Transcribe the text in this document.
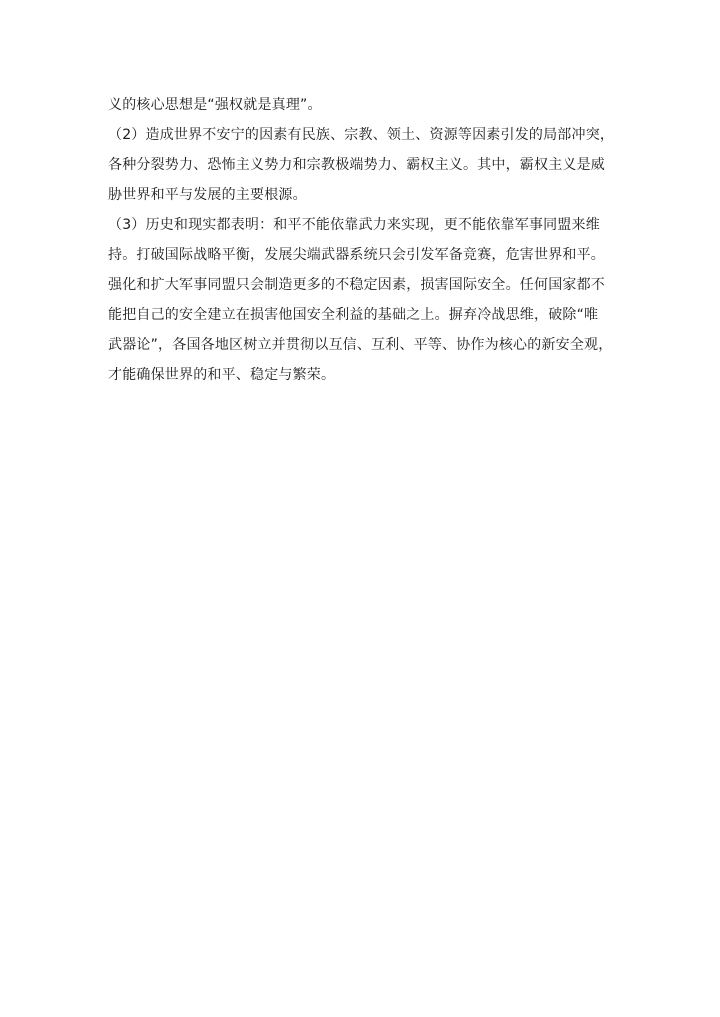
义的核心思想是“强权就是真理”。
（2）造成世界不安宁的因素有民族、宗教、领土、资源等因素引发的局部冲突，
各种分裂势力、恐怖主义势力和宗教极端势力、霸权主义。其中，霸权主义是威
胁世界和平与发展的主要根源。
（3）历史和现实都表明：和平不能依靠武力来实现，更不能依靠军事同盟来维
持。打破国际战略平衡，发展尖端武器系统只会引发军备竞赛，危害世界和平。
强化和扩大军事同盟只会制造更多的不稳定因素，损害国际安全。任何国家都不
能把自己的安全建立在损害他国安全利益的基础之上。摒弃冷战思维，破除“唯
武器论”，各国各地区树立并贯彻以互信、互利、平等、协作为核心的新安全观，
才能确保世界的和平、稳定与繁荣。
